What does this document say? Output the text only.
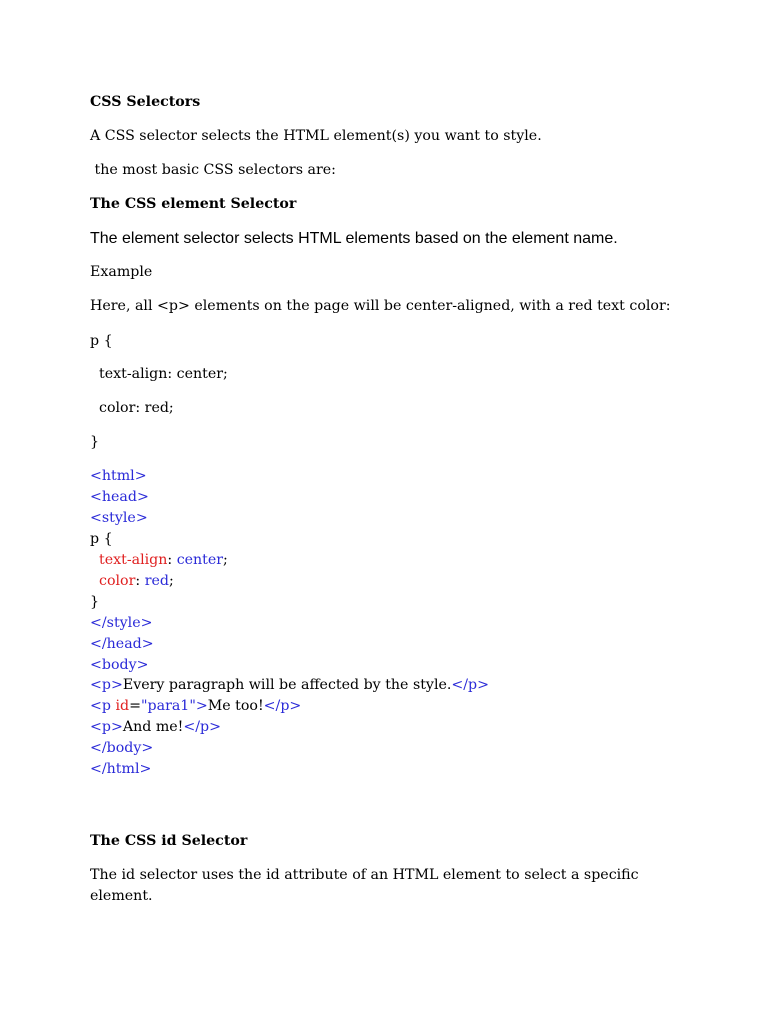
CSS Selectors
A CSS selector selects the HTML element(s) you want to style.
the most basic CSS selectors are:
The CSS element Selector
The element selector selects HTML elements based on the element name.
Example
Here, all <p> elements on the page will be center-aligned, with a red text color:
p {
text-align: center;
color: red;
}
<html>
<head>
<style>
p {
text-align: center;
color: red;
}
</style>
</head>
<body>
<p>Every paragraph will be affected by the style.</p>
<p id="para1">Me too!</p>
<p>And me!</p>
</body>
</html>
The CSS id Selector
The id selector uses the id attribute of an HTML element to select a specific element.
